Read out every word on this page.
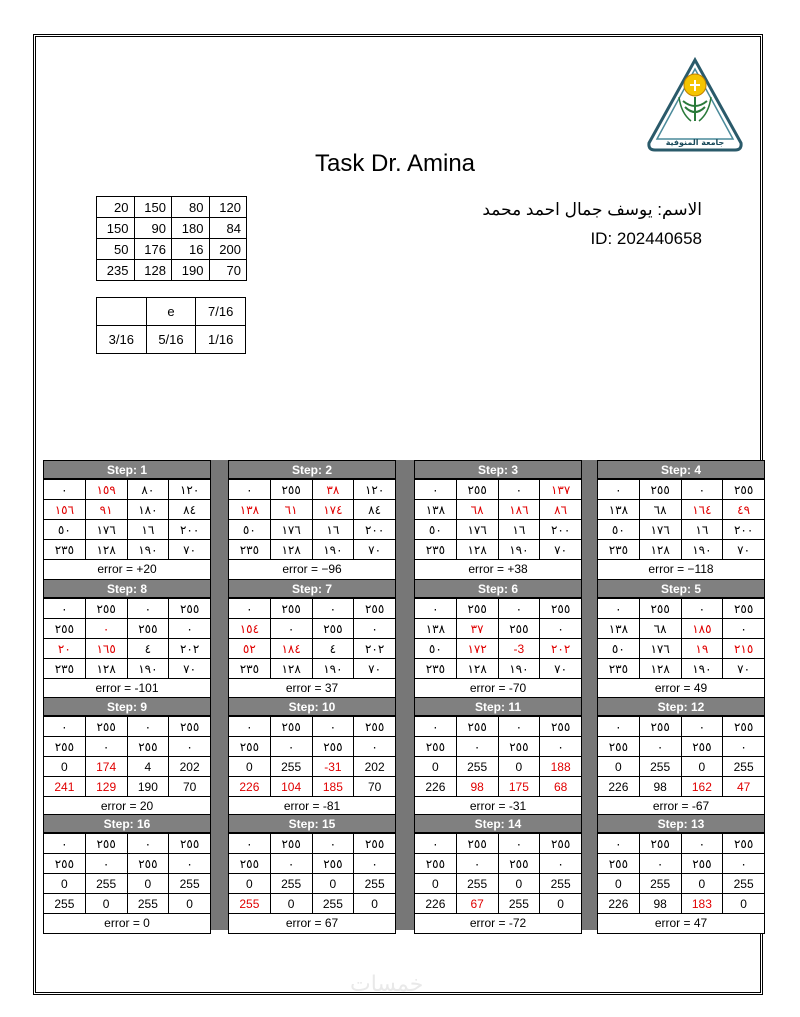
جامعة المنوفية
Task Dr. Amina
الاسم: يوسف جمال احمد محمد
ID: 202440658
20	150	80	120
150	90	180	84
50	176	16	200
235	128	190	70
	e	7/16
3/16	5/16	1/16
Step: 1
٠	١٥٩	٨٠	١٢٠
١٥٦	٩١	١٨٠	٨٤
٥٠	١٧٦	١٦	٢٠٠
٢٣٥	١٢٨	١٩٠	٧٠
error = +20
Step: 2
٠	٢٥٥	٣٨	١٢٠
١٣٨	٦١	١٧٤	٨٤
٥٠	١٧٦	١٦	٢٠٠
٢٣٥	١٢٨	١٩٠	٧٠
error = −96
Step: 3
٠	٢٥٥	٠	١٣٧
١٣٨	٦٨	١٨٦	٨٦
٥٠	١٧٦	١٦	٢٠٠
٢٣٥	١٢٨	١٩٠	٧٠
error = +38
Step: 4
٠	٢٥٥	٠	٢٥٥
١٣٨	٦٨	١٦٤	٤٩
٥٠	١٧٦	١٦	٢٠٠
٢٣٥	١٢٨	١٩٠	٧٠
error = −118
Step: 8
٠	٢٥٥	٠	٢٥٥
٢٥٥	٠	٢٥٥	٠
٢٠	١٦٥	٤	٢٠٢
٢٣٥	١٢٨	١٩٠	٧٠
error = -101
Step: 7
٠	٢٥٥	٠	٢٥٥
١٥٤	٠	٢٥٥	٠
٥٢	١٨٤	٤	٢٠٢
٢٣٥	١٢٨	١٩٠	٧٠
error = 37
Step: 6
٠	٢٥٥	٠	٢٥٥
١٣٨	٣٧	٢٥٥	٠
٥٠	١٧٢	-3	٢٠٢
٢٣٥	١٢٨	١٩٠	٧٠
error = -70
Step: 5
٠	٢٥٥	٠	٢٥٥
١٣٨	٦٨	١٨٥	٠
٥٠	١٧٦	١٩	٢١٥
٢٣٥	١٢٨	١٩٠	٧٠
error = 49
Step: 9
٠	٢٥٥	٠	٢٥٥
٢٥٥	٠	٢٥٥	٠
0	174	4	202
241	129	190	70
error = 20
Step: 10
٠	٢٥٥	٠	٢٥٥
٢٥٥	٠	٢٥٥	٠
0	255	-31	202
226	104	185	70
error = -81
Step: 11
٠	٢٥٥	٠	٢٥٥
٢٥٥	٠	٢٥٥	٠
0	255	0	188
226	98	175	68
error = -31
Step: 12
٠	٢٥٥	٠	٢٥٥
٢٥٥	٠	٢٥٥	٠
0	255	0	255
226	98	162	47
error = -67
Step: 16
٠	٢٥٥	٠	٢٥٥
٢٥٥	٠	٢٥٥	٠
0	255	0	255
255	0	255	0
error = 0
Step: 15
٠	٢٥٥	٠	٢٥٥
٢٥٥	٠	٢٥٥	٠
0	255	0	255
255	0	255	0
error = 67
Step: 14
٠	٢٥٥	٠	٢٥٥
٢٥٥	٠	٢٥٥	٠
0	255	0	255
226	67	255	0
error = -72
Step: 13
٠	٢٥٥	٠	٢٥٥
٢٥٥	٠	٢٥٥	٠
0	255	0	255
226	98	183	0
error = 47
خمسات
